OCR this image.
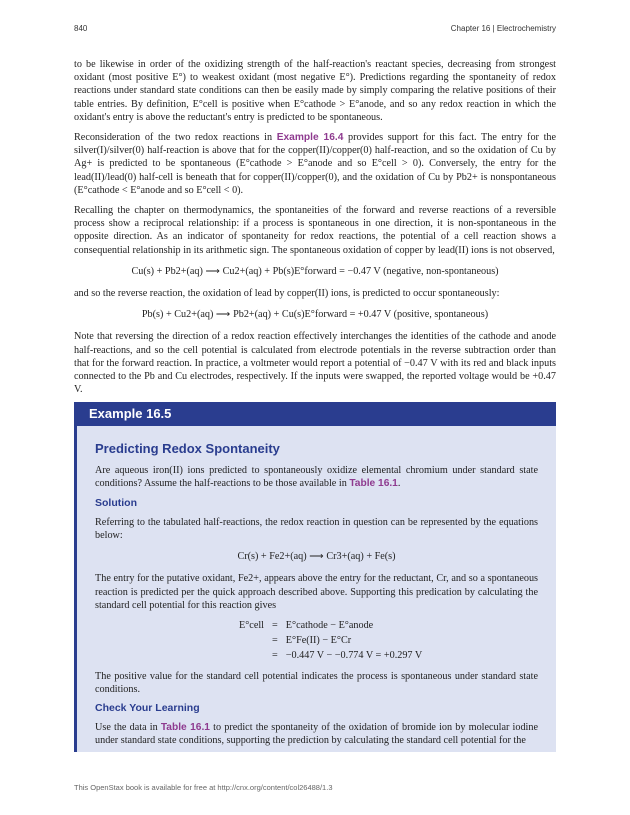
840	Chapter 16 | Electrochemistry

to be likewise in order of the oxidizing strength of the half-reaction's reactant species, decreasing from strongest oxidant (most positive E°) to weakest oxidant (most negative E°). Predictions regarding the spontaneity of redox reactions under standard state conditions can then be easily made by simply comparing the relative positions of their table entries. By definition, E°cell is positive when E°cathode > E°anode, and so any redox reaction in which the oxidant's entry is above the reductant's entry is predicted to be spontaneous.

Reconsideration of the two redox reactions in Example 16.4 provides support for this fact. The entry for the silver(I)/silver(0) half-reaction is above that for the copper(II)/copper(0) half-reaction, and so the oxidation of Cu by Ag+ is predicted to be spontaneous (E°cathode > E°anode and so E°cell > 0). Conversely, the entry for the lead(II)/lead(0) half-cell is beneath that for copper(II)/copper(0), and the oxidation of Cu by Pb2+ is nonspontaneous (E°cathode < E°anode and so E°cell < 0).

Recalling the chapter on thermodynamics, the spontaneities of the forward and reverse reactions of a reversible process show a reciprocal relationship: if a process is spontaneous in one direction, it is non-spontaneous in the opposite direction. As an indicator of spontaneity for redox reactions, the potential of a cell reaction shows a consequential relationship in its arithmetic sign. The spontaneous oxidation of copper by lead(II) ions is not observed,

Cu(s) + Pb2+(aq) ⟶ Cu2+(aq) + Pb(s)E°forward = −0.47 V (negative, non-spontaneous)

and so the reverse reaction, the oxidation of lead by copper(II) ions, is predicted to occur spontaneously:

Pb(s) + Cu2+(aq) ⟶ Pb2+(aq) + Cu(s)E°forward = +0.47 V (positive, spontaneous)

Note that reversing the direction of a redox reaction effectively interchanges the identities of the cathode and anode half-reactions, and so the cell potential is calculated from electrode potentials in the reverse subtraction order than that for the forward reaction. In practice, a voltmeter would report a potential of −0.47 V with its red and black inputs connected to the Pb and Cu electrodes, respectively. If the inputs were swapped, the reported voltage would be +0.47 V.

Example 16.5
Predicting Redox Spontaneity

Are aqueous iron(II) ions predicted to spontaneously oxidize elemental chromium under standard state conditions? Assume the half-reactions to be those available in Table 16.1.

Solution

Referring to the tabulated half-reactions, the redox reaction in question can be represented by the equations below:

Cr(s) + Fe2+(aq) ⟶ Cr3+(aq) + Fe(s)

The entry for the putative oxidant, Fe2+, appears above the entry for the reductant, Cr, and so a spontaneous reaction is predicted per the quick approach described above. Supporting this predication by calculating the standard cell potential for this reaction gives

E°cell	=	E°cathode − E°anode
	=	E°Fe(II) − E°Cr
	=	−0.447 V − −0.774 V = +0.297 V

The positive value for the standard cell potential indicates the process is spontaneous under standard state conditions.

Check Your Learning

Use the data in Table 16.1 to predict the spontaneity of the oxidation of bromide ion by molecular iodine under standard state conditions, supporting the prediction by calculating the standard cell potential for the

This OpenStax book is available for free at http://cnx.org/content/col26488/1.3
